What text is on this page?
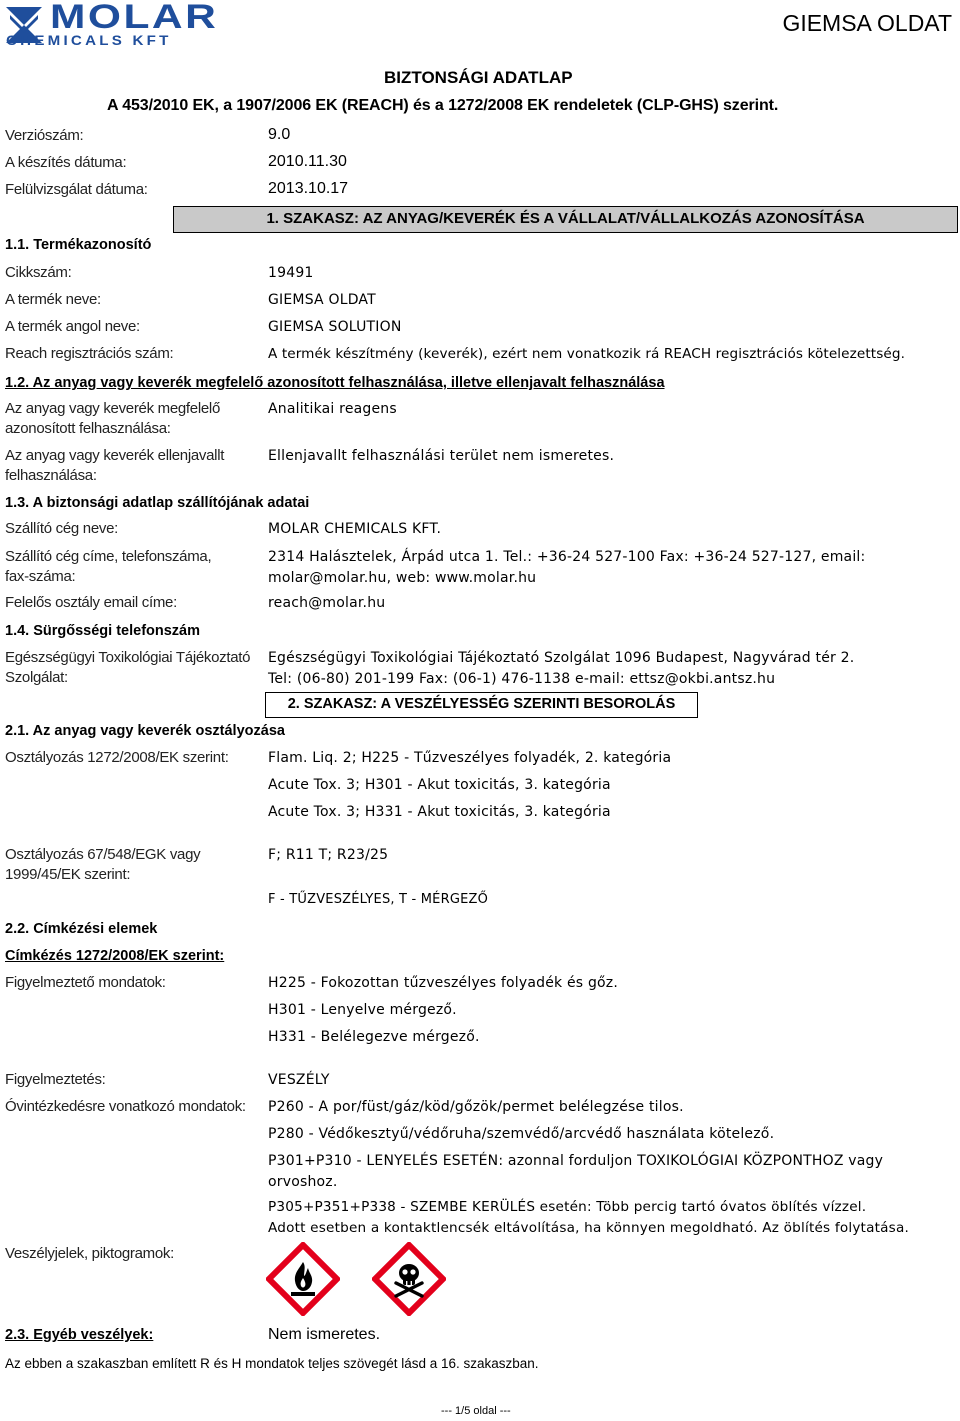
MOLAR
CHEMICALS KFT
GIEMSA OLDAT
BIZTONSÁGI ADATLAP
A 453/2010 EK, a 1907/2006 EK (REACH) és a 1272/2008 EK rendeletek (CLP-GHS) szerint.
Verziószám:	9.0
A készítés dátuma:	2010.11.30
Felülvizsgálat dátuma:	2013.10.17
1. SZAKASZ: AZ ANYAG/KEVERÉK ÉS A VÁLLALAT/VÁLLALKOZÁS AZONOSÍTÁSA
1.1. Termékazonosító
Cikkszám:	19491
A termék neve:	GIEMSA OLDAT
A termék angol neve:	GIEMSA SOLUTION
Reach regisztrációs szám:	A termék készítmény (keverék), ezért nem vonatkozik rá REACH regisztrációs kötelezettség.
1.2. Az anyag vagy keverék megfelelő azonosított felhasználása, illetve ellenjavalt felhasználása
Az anyag vagy keverék megfelelő
azonosított felhasználása:
Analitikai reagens
Az anyag vagy keverék ellenjavallt
felhasználása:
Ellenjavallt felhasználási terület nem ismeretes.
1.3. A biztonsági adatlap szállítójának adatai
Szállító cég neve:	MOLAR CHEMICALS KFT.
Szállító cég címe, telefonszáma,
fax-száma:
2314 Halásztelek, Árpád utca 1. Tel.: +36-24 527-100 Fax: +36-24 527-127, email:
molar@molar.hu, web: www.molar.hu
Felelős osztály email címe:	reach@molar.hu
1.4. Sürgősségi telefonszám
Egészségügyi Toxikológiai Tájékoztató
Szolgálat:
Egészségügyi Toxikológiai Tájékoztató Szolgálat 1096 Budapest, Nagyvárad tér 2.
Tel: (06-80) 201-199 Fax: (06-1) 476-1138 e-mail: ettsz@okbi.antsz.hu
2. SZAKASZ: A VESZÉLYESSÉG SZERINTI BESOROLÁS
2.1. Az anyag vagy keverék osztályozása
Osztályozás 1272/2008/EK szerint:	Flam. Liq. 2; H225 - Tűzveszélyes folyadék, 2. kategória
Acute Tox. 3; H301 - Akut toxicitás, 3. kategória
Acute Tox. 3; H331 - Akut toxicitás, 3. kategória
Osztályozás 67/548/EGK vagy
1999/45/EK szerint:
F; R11 T; R23/25
F - TŰZVESZÉLYES, T - MÉRGEZŐ
2.2. Címkézési elemek
Címkézés 1272/2008/EK szerint:
Figyelmeztető mondatok:	H225 - Fokozottan tűzveszélyes folyadék és gőz.
H301 - Lenyelve mérgező.
H331 - Belélegezve mérgező.
Figyelmeztetés:	VESZÉLY
Óvintézkedésre vonatkozó mondatok: P260 - A por/füst/gáz/köd/gőzök/permet belélegzése tilos.
P280 - Védőkesztyű/védőruha/szemvédő/arcvédő használata kötelező.
P301+P310 - LENYELÉS ESETÉN: azonnal forduljon TOXIKOLÓGIAI KÖZPONTHOZ vagy
orvoshoz.
P305+P351+P338 - SZEMBE KERÜLÉS esetén: Több percig tartó óvatos öblítés vízzel.
Adott esetben a kontaktlencsék eltávolítása, ha könnyen megoldható. Az öblítés folytatása.
Veszélyjelek, piktogramok:
2.3. Egyéb veszélyek:	Nem ismeretes.
Az ebben a szakaszban említett R és H mondatok teljes szövegét lásd a 16. szakaszban.
--- 1/5 oldal ---
